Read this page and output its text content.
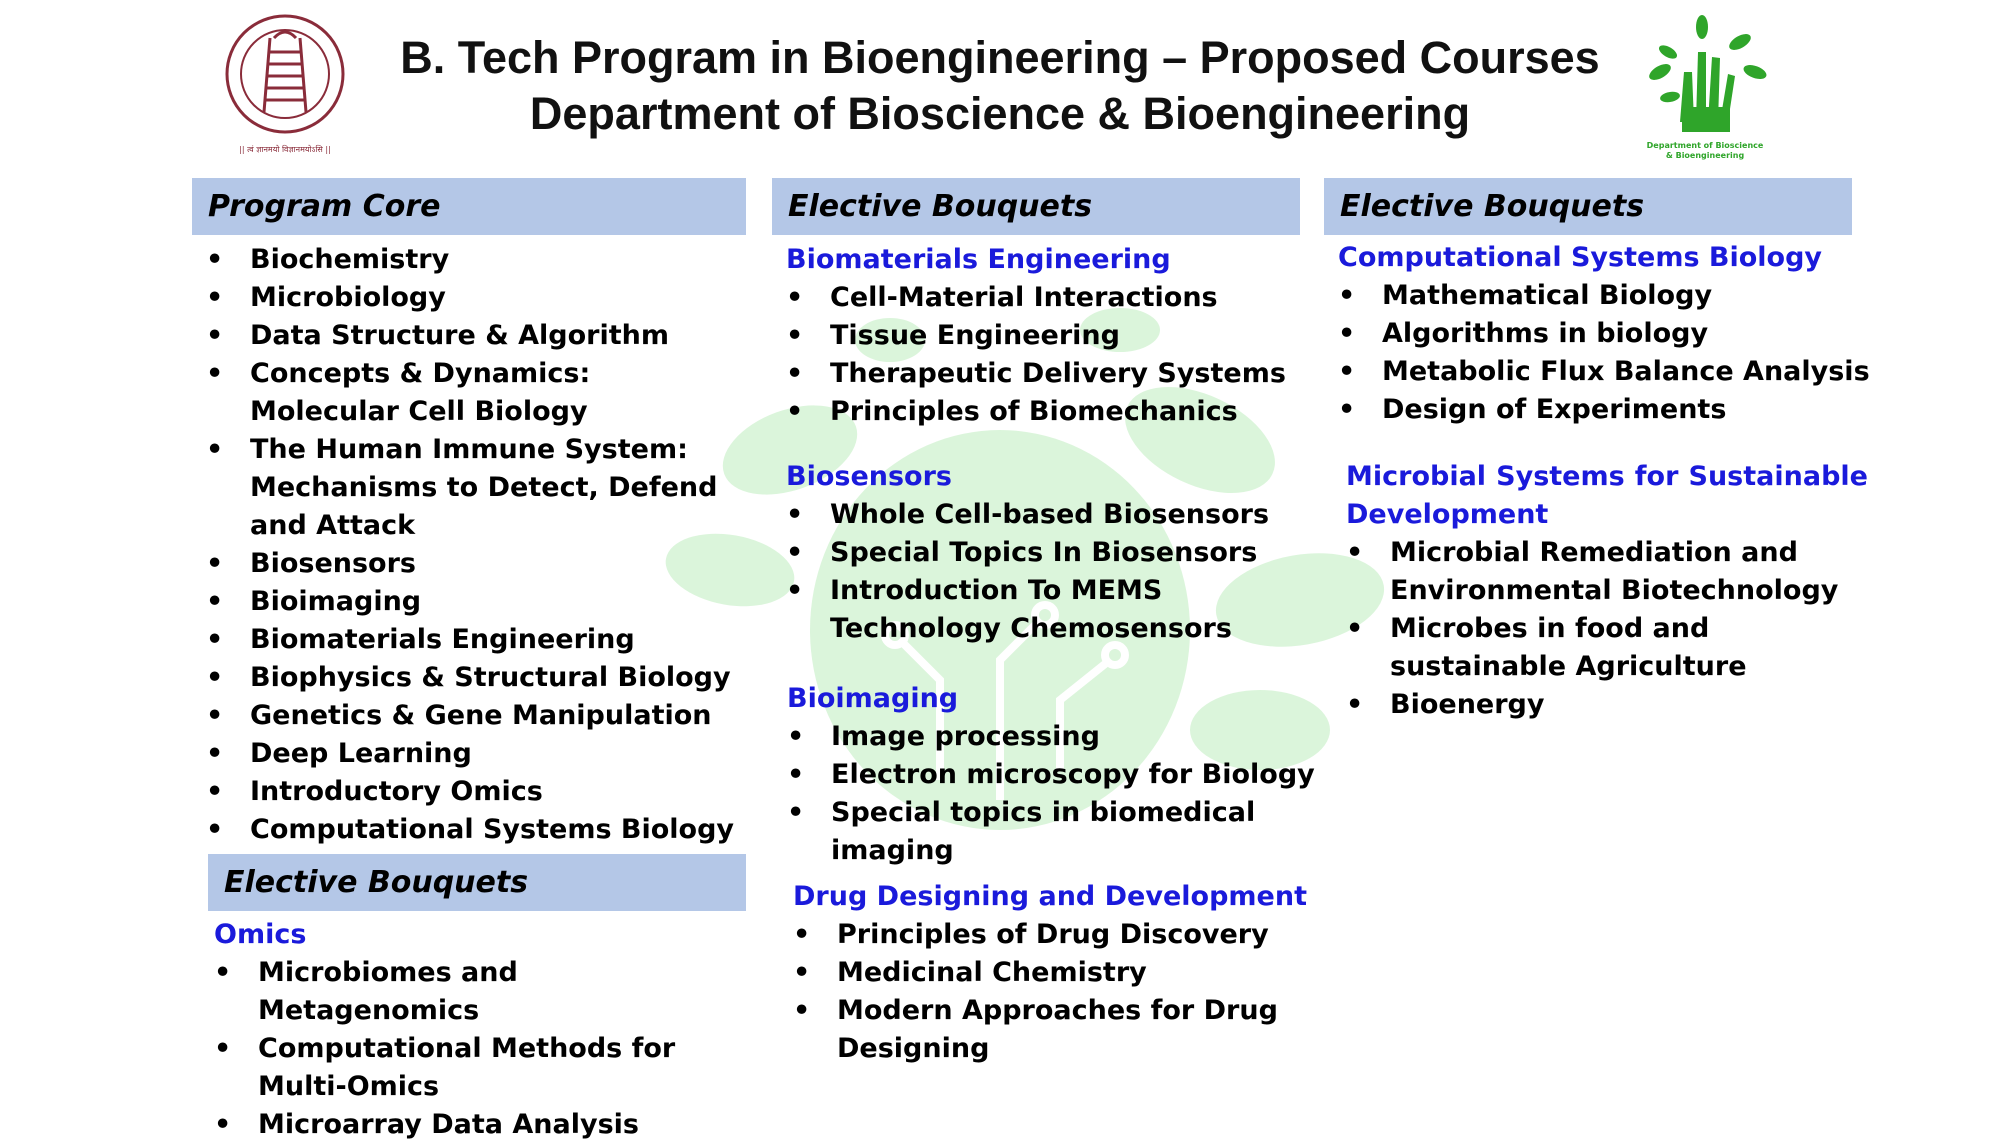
|| त्वं ज्ञानमयो विज्ञानमयोऽसि ||	Department of Bioscience
& Bioengineering
B. Tech Program in Bioengineering – Proposed Courses
Department of Bioscience & Bioengineering
Program Core
• Biochemistry
• Microbiology
• Data Structure & Algorithm
• Concepts & Dynamics: Molecular Cell Biology
• The Human Immune System: Mechanisms to Detect, Defend and Attack
• Biosensors
• Bioimaging
• Biomaterials Engineering
• Biophysics & Structural Biology
• Genetics & Gene Manipulation
• Deep Learning
• Introductory Omics
• Computational Systems Biology
Elective Bouquets
Omics
• Microbiomes and Metagenomics
• Computational Methods for Multi-Omics
• Microarray Data Analysis
Elective Bouquets
Biomaterials Engineering
• Cell-Material Interactions
• Tissue Engineering
• Therapeutic Delivery Systems
• Principles of Biomechanics
Biosensors
• Whole Cell-based Biosensors
• Special Topics In Biosensors
• Introduction To MEMS Technology Chemosensors
Bioimaging
• Image processing
• Electron microscopy for Biology
• Special topics in biomedical imaging
Drug Designing and Development
• Principles of Drug Discovery
• Medicinal Chemistry
• Modern Approaches for Drug Designing
Elective Bouquets
Computational Systems Biology
• Mathematical Biology
• Algorithms in biology
• Metabolic Flux Balance Analysis
• Design of Experiments
Microbial Systems for Sustainable
Development
• Microbial Remediation and Environmental Biotechnology
• Microbes in food and sustainable Agriculture
• Bioenergy
